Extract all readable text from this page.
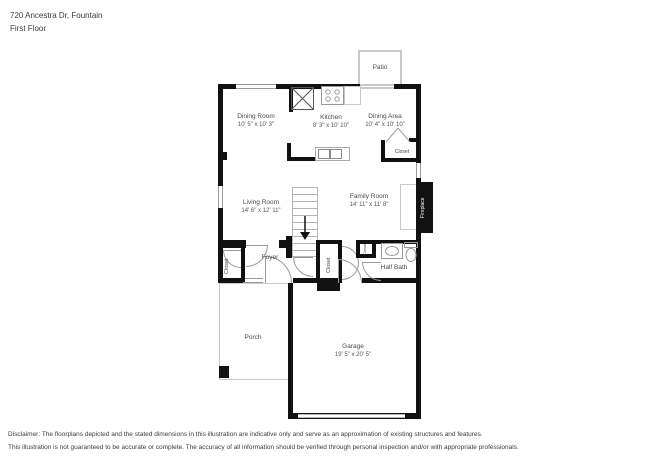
720 Ancestra Dr, Fountain
First Floor
Fireplace
Patio
Dining Room
10' 5" x 10' 3"
Kitchen
8' 3" x 10' 10"
Dining Area
10' 4" x 10' 10"
Closet
Living Room
14' 6" x 12' 11"
Family Room
14' 11" x 11' 8"
Closet
Foyer	Closet
Closet
Half Bath
Porch
Garage
19' 5" x 20' 5"
Disclaimer: The floorplans depicted and the stated dimensions in this illustration are indicative only and serve as an approximation of existing structures and features.
This illustration is not guaranteed to be accurate or complete. The accuracy of all information should be verified through personal inspection and/or with appropriate professionals.
